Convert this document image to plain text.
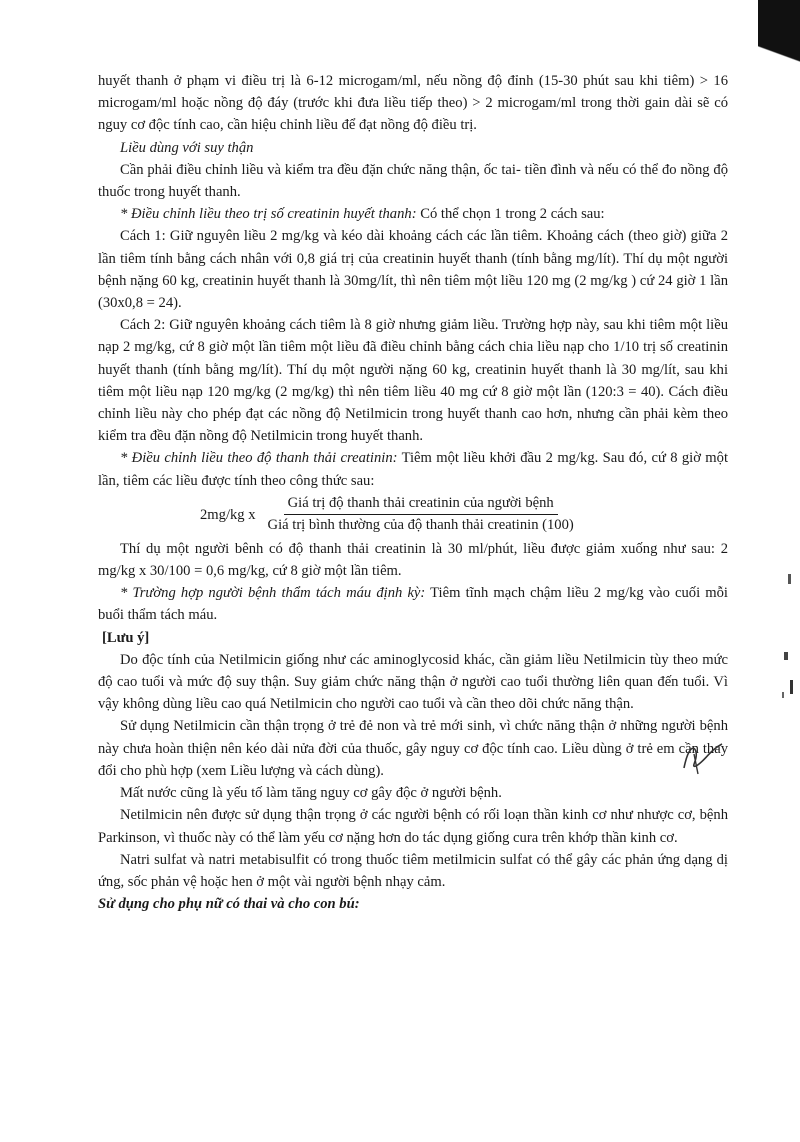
huyết thanh ở phạm vi điều trị là 6-12 microgam/ml, nếu nồng độ đỉnh (15-30 phút sau khi tiêm) > 16 microgam/ml hoặc nồng độ đáy (trước khi đưa liều tiếp theo) > 2 microgam/ml trong thời gain dài sẽ có nguy cơ độc tính cao, cần hiệu chỉnh liều để đạt nồng độ điều trị.

Liều dùng với suy thận

Cần phải điều chỉnh liều và kiểm tra đều đặn chức năng thận, ốc tai- tiền đình và nếu có thể đo nồng độ thuốc trong huyết thanh.

* Điều chỉnh liều theo trị số creatinin huyết thanh: Có thể chọn 1 trong 2 cách sau:

Cách 1: Giữ nguyên liều 2 mg/kg và kéo dài khoảng cách các lần tiêm. Khoảng cách (theo giờ) giữa 2 lần tiêm tính bằng cách nhân với 0,8 giá trị của creatinin huyết thanh (tính bằng mg/lít). Thí dụ một người bệnh nặng 60 kg, creatinin huyết thanh là 30mg/lít, thì nên tiêm một liều 120 mg (2 mg/kg ) cứ 24 giờ 1 lần (30x0,8 = 24).

Cách 2: Giữ nguyên khoảng cách tiêm là 8 giờ nhưng giảm liều. Trường hợp này, sau khi tiêm một liều nạp 2 mg/kg, cứ 8 giờ một lần tiêm một liều đã điều chỉnh bằng cách chia liều nạp cho 1/10 trị số creatinin huyết thanh (tính bằng mg/lít). Thí dụ một người nặng 60 kg, creatinin huyết thanh là 30 mg/lít, sau khi tiêm một liều nạp 120 mg/kg (2 mg/kg) thì nên tiêm liều 40 mg cứ 8 giờ một lần (120:3 = 40). Cách điều chỉnh liều này cho phép đạt các nồng độ Netilmicin trong huyết thanh cao hơn, nhưng cần phải kèm theo kiểm tra đều đặn nồng độ Netilmicin trong huyết thanh.

* Điều chỉnh liều theo độ thanh thải creatinin: Tiêm một liều khởi đầu 2 mg/kg. Sau đó, cứ 8 giờ một lần, tiêm các liều được tính theo công thức sau:

2mg/kg x $\frac{\text{Giá trị độ thanh thải creatinin của người bệnh}}{\text{Giá trị bình thường của độ thanh thải creatinin (100)}}$

Thí dụ một người bênh có độ thanh thải creatinin là 30 ml/phút, liều được giảm xuống như sau: 2 mg/kg x 30/100 = 0,6 mg/kg, cứ 8 giờ một lần tiêm.

* Trường hợp người bệnh thẩm tách máu định kỳ: Tiêm tĩnh mạch chậm liều 2 mg/kg vào cuối mỗi buổi thẩm tách máu.

[Lưu ý]

Do độc tính của Netilmicin giống như các aminoglycosid khác, cần giảm liều Netilmicin tùy theo mức độ cao tuổi và mức độ suy thận. Suy giảm chức năng thận ở người cao tuổi thường liên quan đến tuổi. Vì vậy không dùng liều cao quá Netilmicin cho người cao tuổi và cần theo dõi chức năng thận.

Sử dụng Netilmicin cần thận trọng ở trẻ đẻ non và trẻ mới sinh, vì chức năng thận ở những người bệnh này chưa hoàn thiện nên kéo dài nửa đời của thuốc, gây nguy cơ độc tính cao. Liều dùng ở trẻ em cần thay đổi cho phù hợp (xem Liều lượng và cách dùng).

Mất nước cũng là yếu tố làm tăng nguy cơ gây độc ở người bệnh.

Netilmicin nên được sử dụng thận trọng ở các người bệnh có rối loạn thần kinh cơ như nhược cơ, bệnh Parkinson, vì thuốc này có thể làm yếu cơ nặng hơn do tác dụng giống cura trên khớp thần kinh cơ.

Natri sulfat và natri metabisulfit có trong thuốc tiêm metilmicin sulfat có thể gây các phản ứng dạng dị ứng, sốc phản vệ hoặc hen ở một vài người bệnh nhạy cảm.

Sử dụng cho phụ nữ có thai và cho con bú:
